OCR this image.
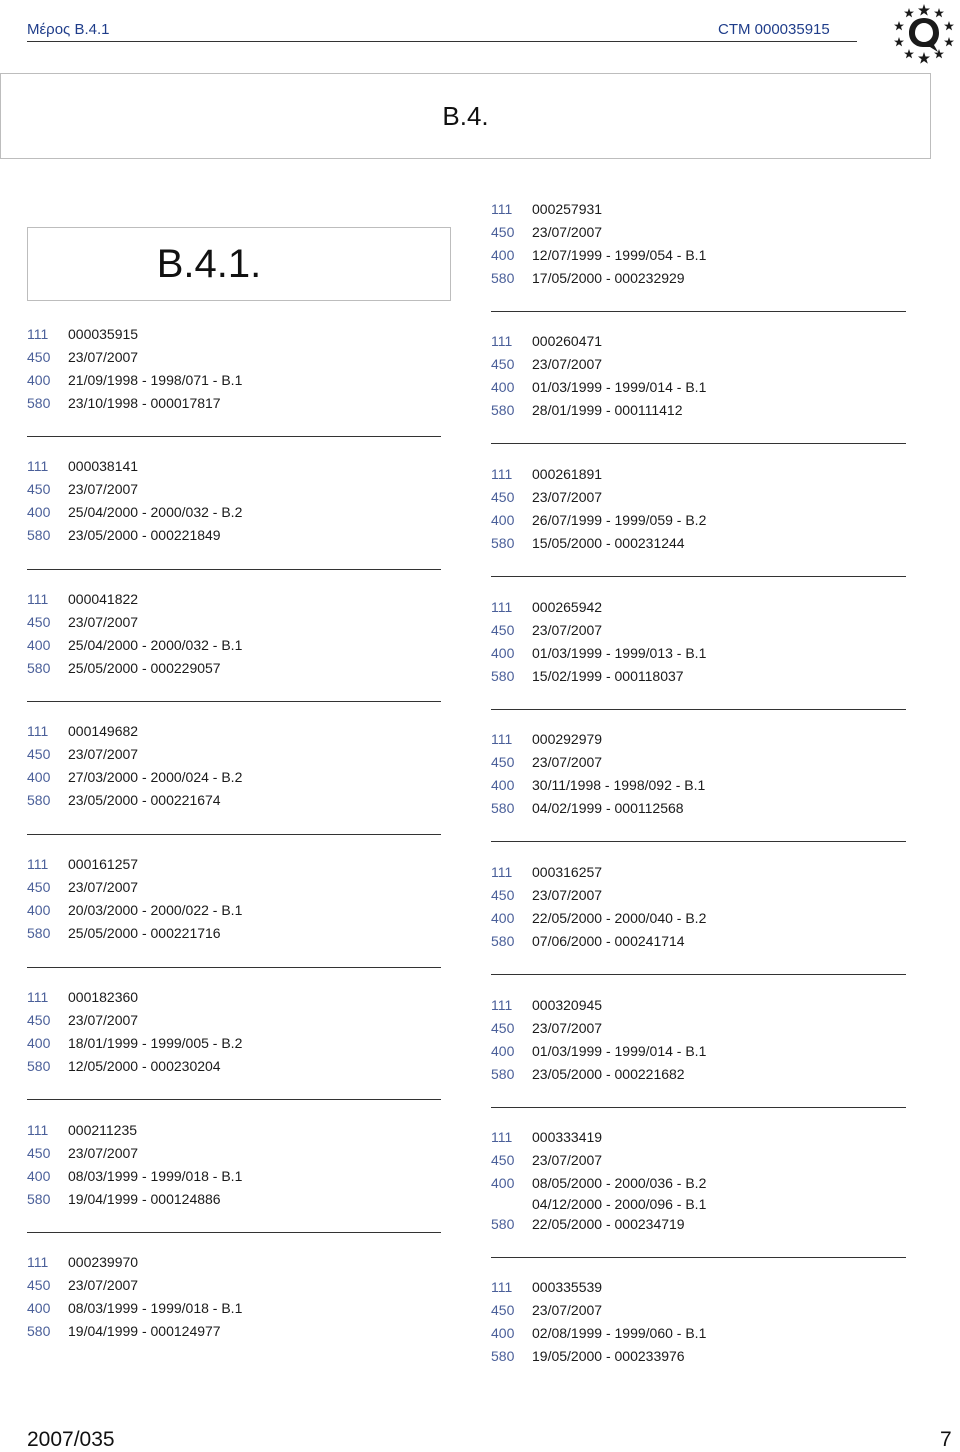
Μέρος Β.4.1	CTM 000035915
B.4.
B.4.1.
111	000035915
450	23/07/2007
400	21/09/1998 - 1998/071 - B.1
580	23/10/1998 - 000017817
111	000038141
450	23/07/2007
400	25/04/2000 - 2000/032 - B.2
580	23/05/2000 - 000221849
111	000041822
450	23/07/2007
400	25/04/2000 - 2000/032 - B.1
580	25/05/2000 - 000229057
111	000149682
450	23/07/2007
400	27/03/2000 - 2000/024 - B.2
580	23/05/2000 - 000221674
111	000161257
450	23/07/2007
400	20/03/2000 - 2000/022 - B.1
580	25/05/2000 - 000221716
111	000182360
450	23/07/2007
400	18/01/1999 - 1999/005 - B.2
580	12/05/2000 - 000230204
111	000211235
450	23/07/2007
400	08/03/1999 - 1999/018 - B.1
580	19/04/1999 - 000124886
111	000239970
450	23/07/2007
400	08/03/1999 - 1999/018 - B.1
580	19/04/1999 - 000124977
111	000257931
450	23/07/2007
400	12/07/1999 - 1999/054 - B.1
580	17/05/2000 - 000232929
111	000260471
450	23/07/2007
400	01/03/1999 - 1999/014 - B.1
580	28/01/1999 - 000111412
111	000261891
450	23/07/2007
400	26/07/1999 - 1999/059 - B.2
580	15/05/2000 - 000231244
111	000265942
450	23/07/2007
400	01/03/1999 - 1999/013 - B.1
580	15/02/1999 - 000118037
111	000292979
450	23/07/2007
400	30/11/1998 - 1998/092 - B.1
580	04/02/1999 - 000112568
111	000316257
450	23/07/2007
400	22/05/2000 - 2000/040 - B.2
580	07/06/2000 - 000241714
111	000320945
450	23/07/2007
400	01/03/1999 - 1999/014 - B.1
580	23/05/2000 - 000221682
111	000333419
450	23/07/2007
400	08/05/2000 - 2000/036 - B.2
04/12/2000 - 2000/096 - B.1
580	22/05/2000 - 000234719
111	000335539
450	23/07/2007
400	02/08/1999 - 1999/060 - B.1
580	19/05/2000 - 000233976
2007/035	7
